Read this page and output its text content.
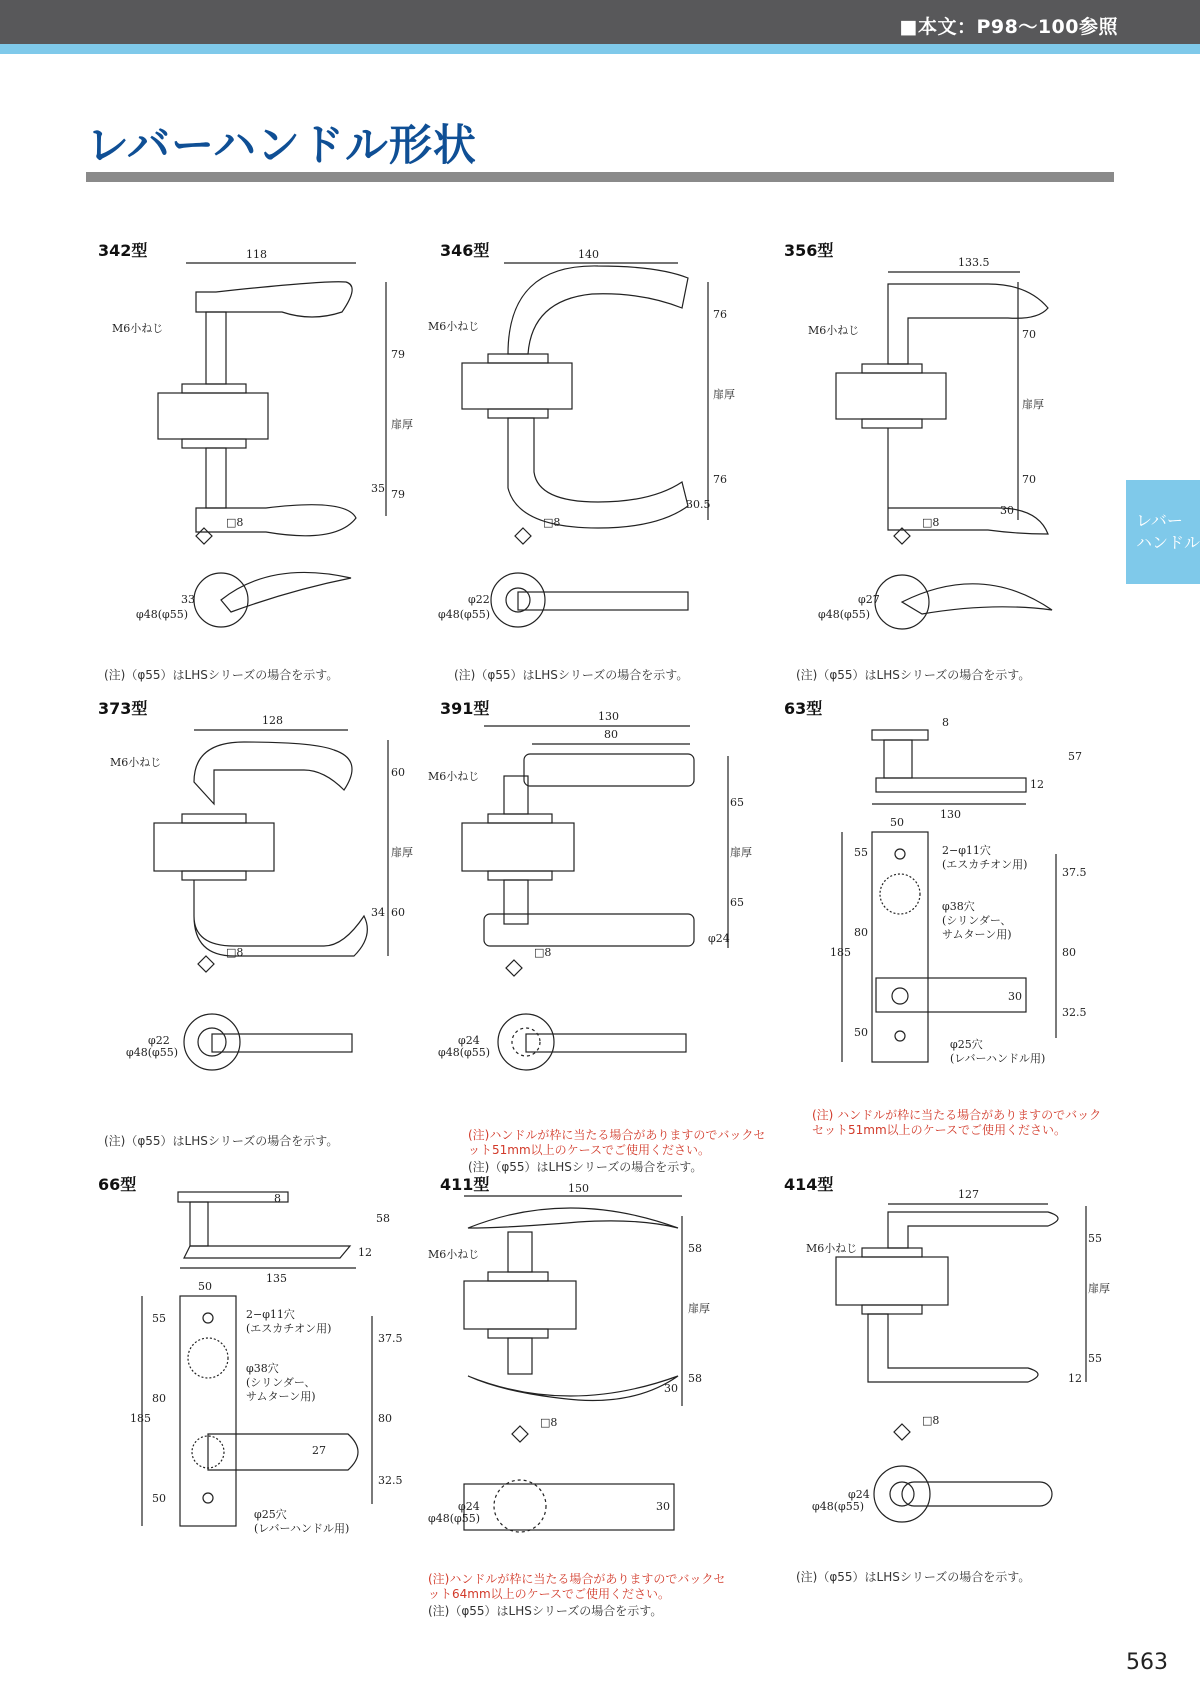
■本文：P98～100参照
レバーハンドル形状
レバー
ハンドル
342型	118
79
79
35
扉厚
M6小ねじ
φ48(φ55)
33
□8
(注)（φ55）はLHSシリーズの場合を示す。
346型	140
76
76
30.5
扉厚
M6小ねじ
φ48(φ55)
φ22
□8
(注)（φ55）はLHSシリーズの場合を示す。
356型
133.5
70
70
30
扉厚
M6小ねじ
φ48(φ55)
φ27
□8
(注)（φ55）はLHSシリーズの場合を示す。
373型
128
60
60
34
扉厚
M6小ねじ
φ48(φ55)
φ22
□8
(注)（φ55）はLHSシリーズの場合を示す。
391型	130
80
65
65
φ24
扉厚
M6小ねじ
φ48(φ55)
φ24
□8
(注)ハンドルが枠に当たる場合がありますのでバックセット51mm以上のケースでご使用ください。
(注)（φ55）はLHSシリーズの場合を示す。
63型
8
57
12
130
50
55
80
50
185
37.5
80
32.5
30
2−φ11穴
(エスカチオン用)
φ38穴
(シリンダー、
サムターン用)
φ25穴
(レバーハンドル用)
(注) ハンドルが枠に当たる場合がありますのでバックセット51mm以上のケースでご使用ください。
66型
8
58
12
135
50
55
80
50
185
37.5
80
32.5
27
2−φ11穴
(エスカチオン用)
φ38穴
(シリンダー、
サムターン用)
φ25穴
(レバーハンドル用)
411型	150
58
58
30
扉厚
M6小ねじ
φ48(φ55)
φ24	30
□8
(注)ハンドルが枠に当たる場合がありますのでバックセット64mm以上のケースでご使用ください。
(注)（φ55）はLHSシリーズの場合を示す。
414型
127
55
55
12
扉厚
M6小ねじ
φ48(φ55)
φ24
□8
(注)（φ55）はLHSシリーズの場合を示す。
563
